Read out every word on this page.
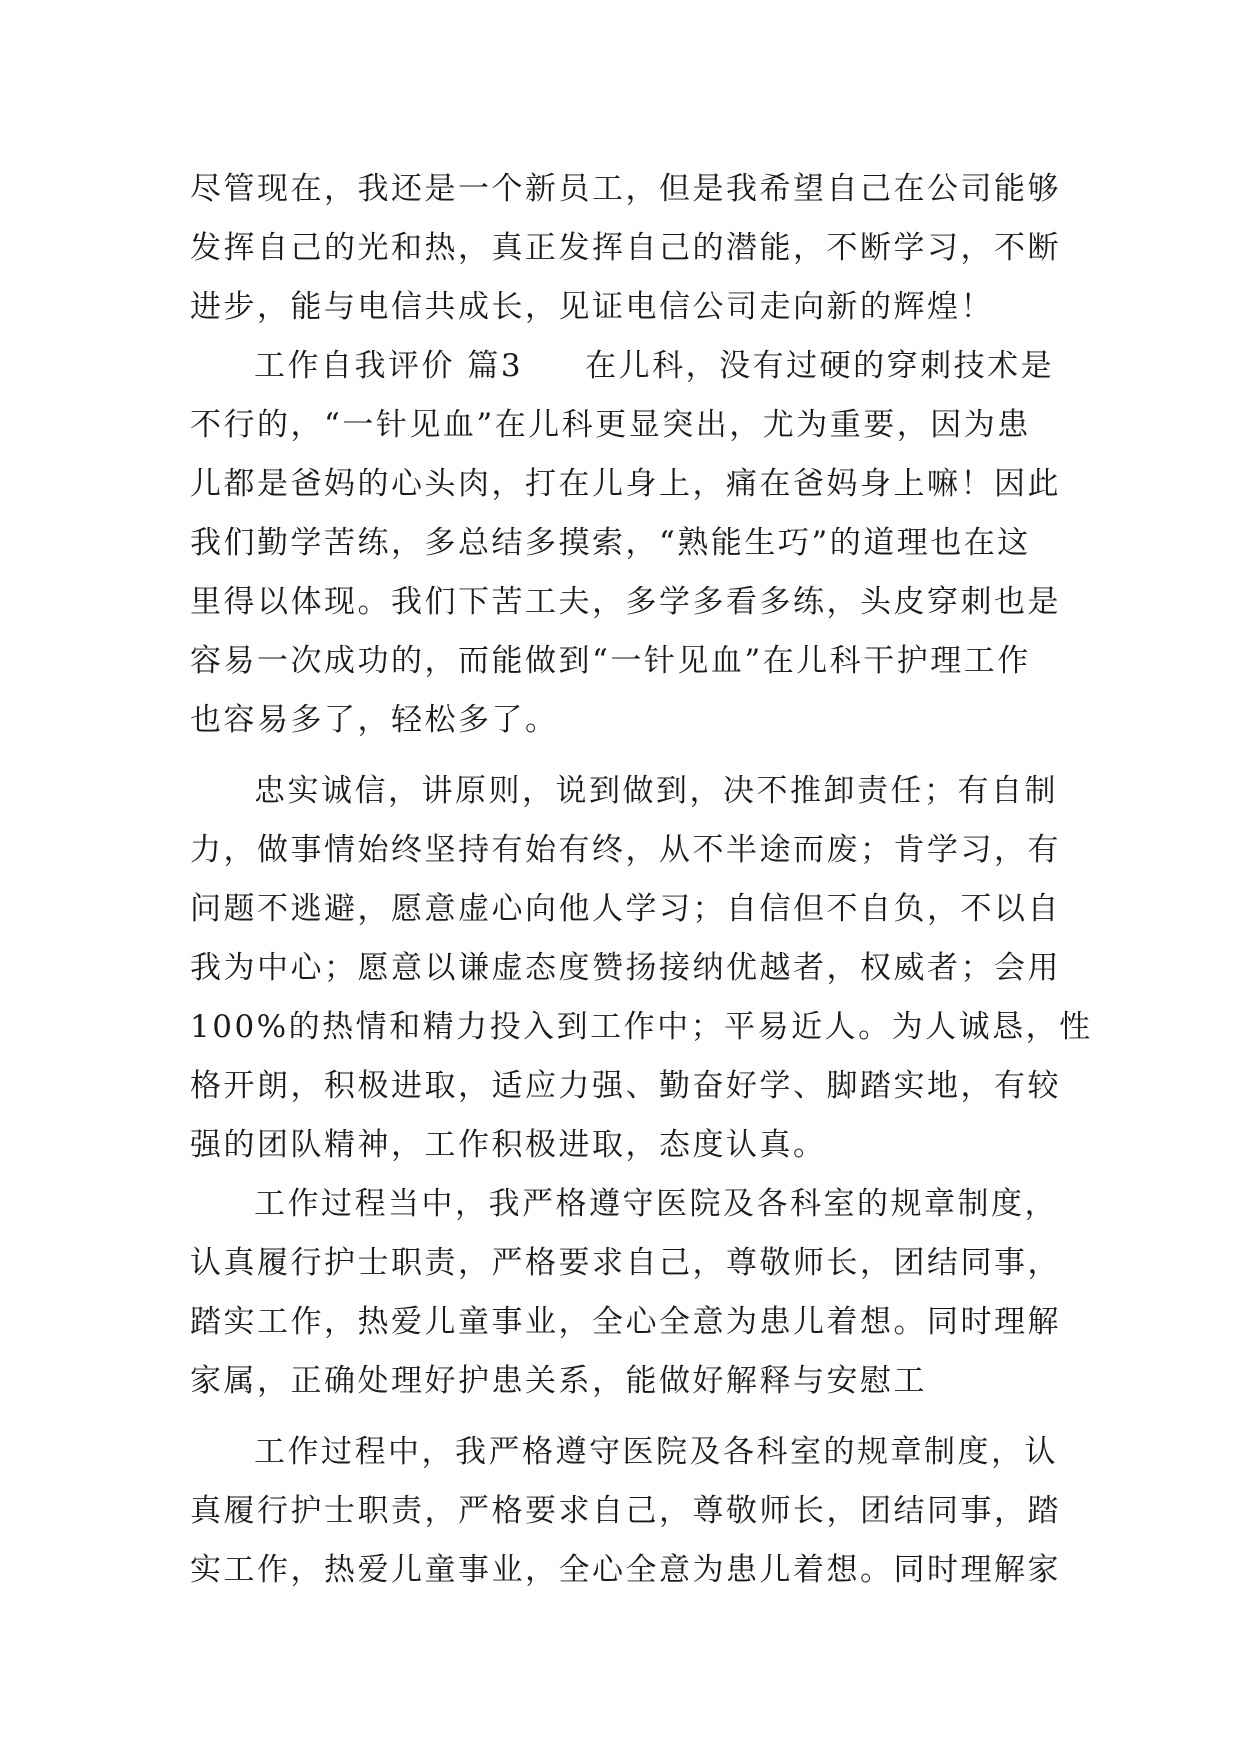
尽管现在，我还是一个新员工，但是我希望自己在公司能够
发挥自己的光和热，真正发挥自己的潜能，不断学习，不断
进步，能与电信共成长，见证电信公司走向新的辉煌！
工作自我评价 篇3 在儿科，没有过硬的穿刺技术是
不行的，“一针见血”在儿科更显突出，尤为重要，因为患
儿都是爸妈的心头肉，打在儿身上，痛在爸妈身上嘛！因此
我们勤学苦练，多总结多摸索，“熟能生巧”的道理也在这
里得以体现。我们下苦工夫，多学多看多练，头皮穿刺也是
容易一次成功的，而能做到“一针见血”在儿科干护理工作
也容易多了，轻松多了。
忠实诚信，讲原则，说到做到，决不推卸责任；有自制
力，做事情始终坚持有始有终，从不半途而废；肯学习，有
问题不逃避，愿意虚心向他人学习；自信但不自负，不以自
我为中心；愿意以谦虚态度赞扬接纳优越者，权威者；会用
100%的热情和精力投入到工作中；平易近人。为人诚恳，性
格开朗，积极进取，适应力强、勤奋好学、脚踏实地，有较
强的团队精神，工作积极进取，态度认真。
工作过程当中，我严格遵守医院及各科室的规章制度，
认真履行护士职责，严格要求自己，尊敬师长，团结同事，
踏实工作，热爱儿童事业，全心全意为患儿着想。同时理解
家属，正确处理好护患关系，能做好解释与安慰工
工作过程中，我严格遵守医院及各科室的规章制度，认
真履行护士职责，严格要求自己，尊敬师长，团结同事，踏
实工作，热爱儿童事业，全心全意为患儿着想。同时理解家
